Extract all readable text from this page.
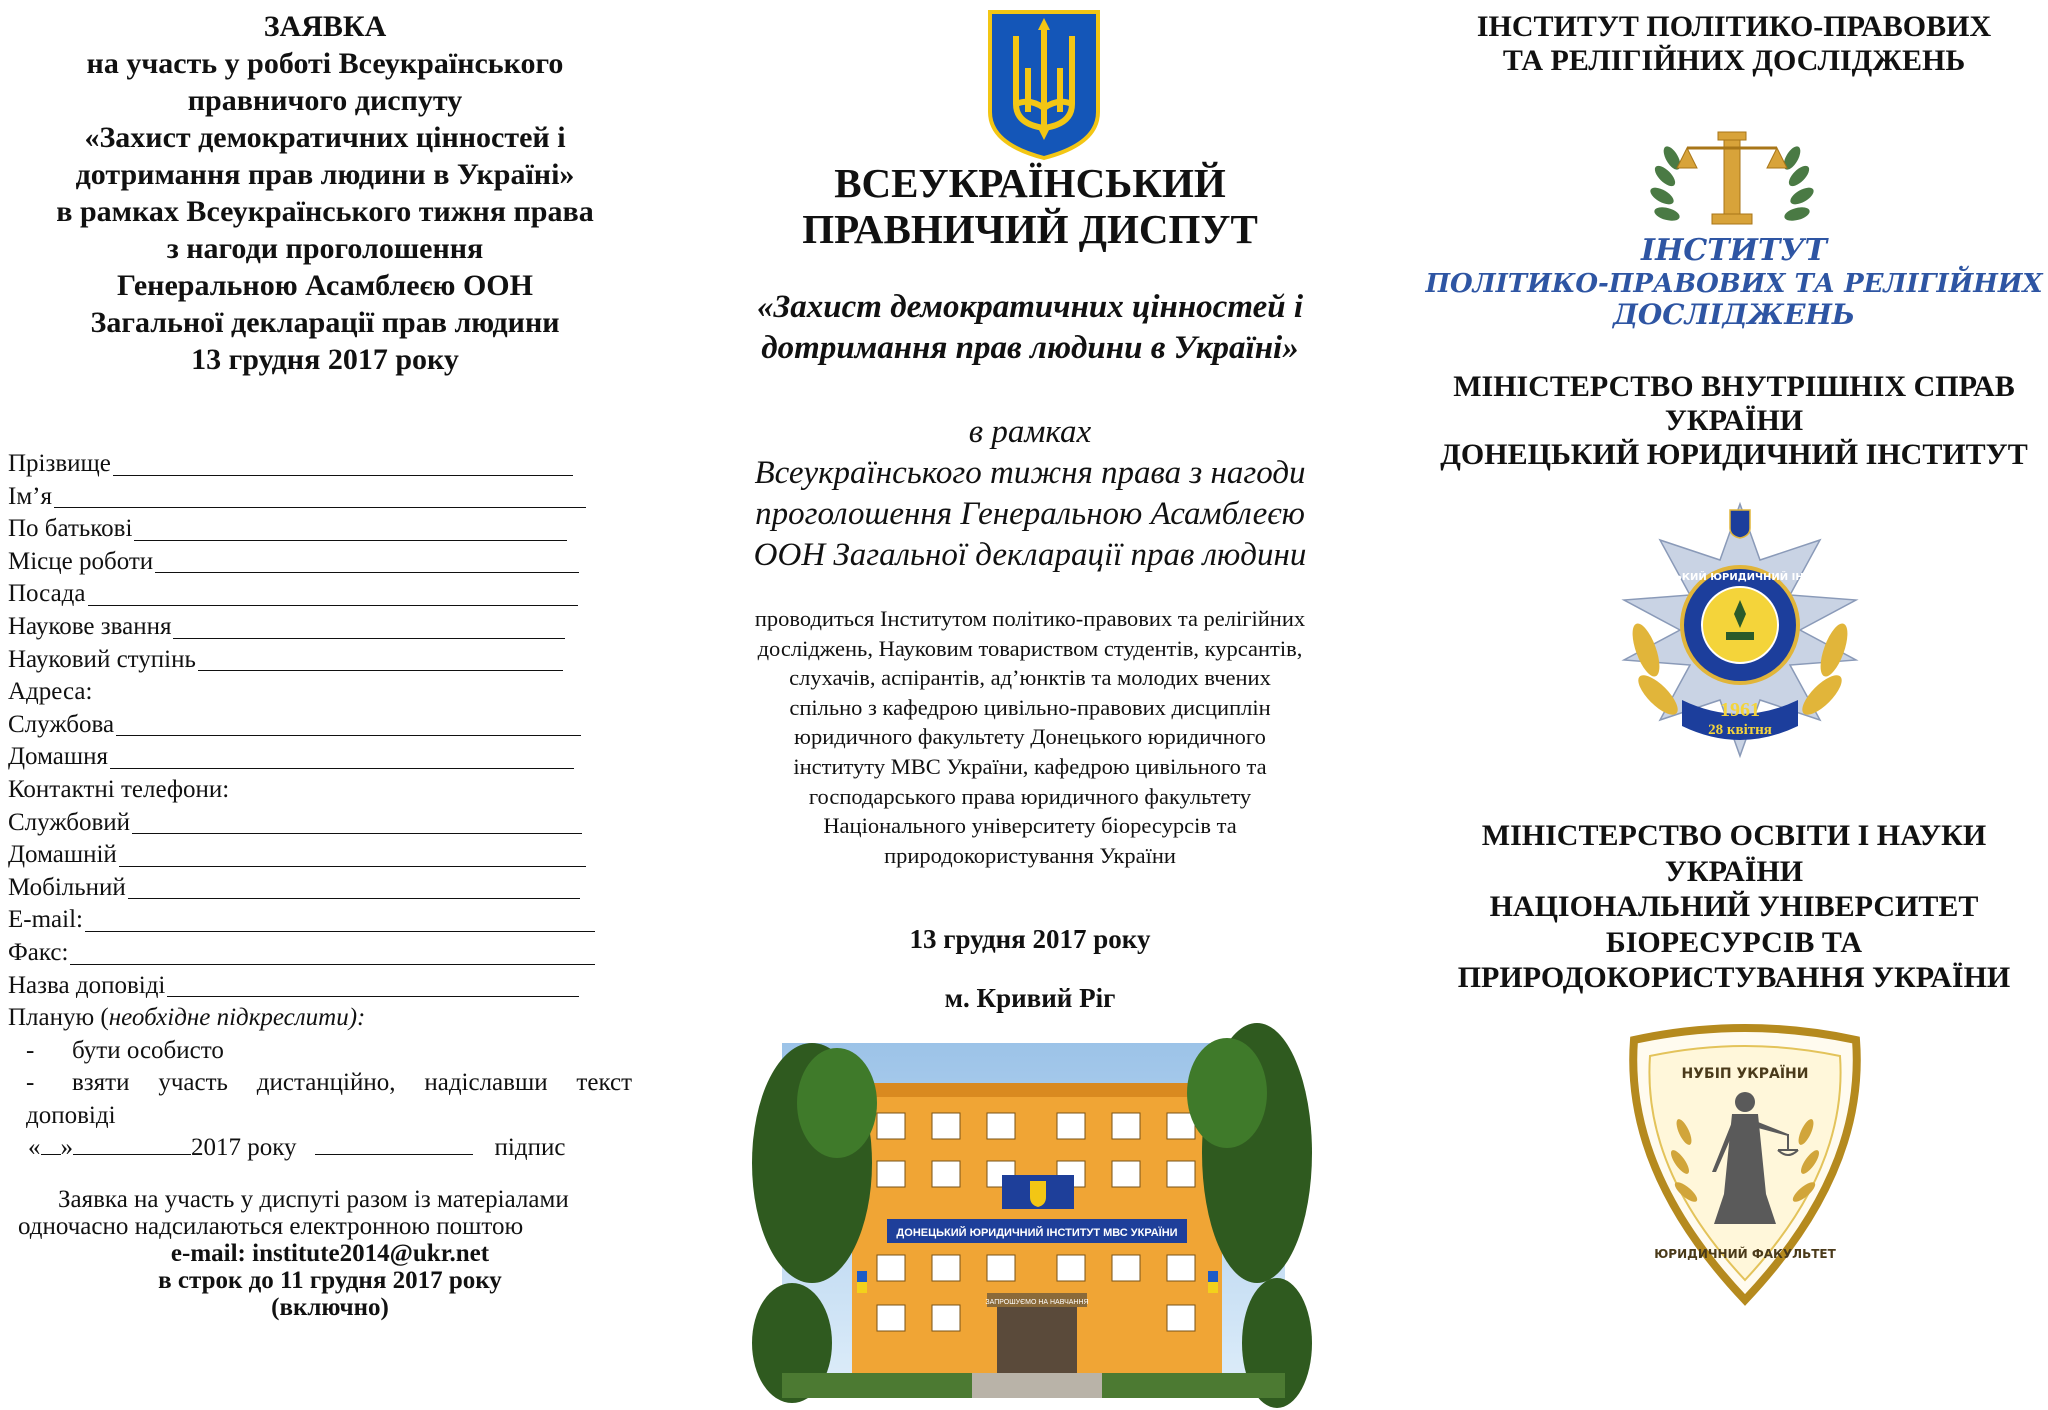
ЗАЯВКА
на участь у роботі Всеукраїнського
правничого диспуту
«Захист демократичних цінностей і
дотримання прав людини в Україні»
в рамках Всеукраїнського тижня права
з нагоди проголошення
Генеральною Асамблеєю ООН
Загальної декларації прав людини
13 грудня 2017 року
Прізвище
Ім’я
По батькові
Місце роботи
Посада
Наукове звання
Науковий ступінь
Адреса:
Службова
Домашня
Контактні телефони:
Службовий
Домашній
Мобільний
E-mail:
Факс:
Назва доповіді
Планую ( необхідне підкреслити):
-	бути особисто
-	взяти участь дистанційно, надіславши текст
доповіді
« »	2017 року	підпис
Заявка на участь у диспуті разом із матеріалами
одночасно надсилаються електронною поштою
e-mail: institute2014@ukr.net
в строк до 11 грудня 2017 року
(включно)
ВСЕУКРАЇНСЬКИЙ
ПРАВНИЧИЙ ДИСПУТ
«Захист демократичних цінностей і
дотримання прав людини в Україні»
в рамках
Всеукраїнського тижня права з нагоди
проголошення Генеральною Асамблеєю
ООН Загальної декларації прав людини
проводиться Інститутом політико-правових та релігійних
досліджень, Науковим товариством студентів, курсантів,
слухачів, аспірантів, ад’юнктів та молодих вчених
спільно з кафедрою цивільно-правових дисциплін
юридичного факультету Донецького юридичного
інституту МВС України, кафедрою цивільного та
господарського права юридичного факультету
Національного університету біоресурсів та
природокористування України
13 грудня 2017 року
м. Кривий Ріг
ДОНЕЦЬКИЙ ЮРИДИЧНИЙ ІНСТИТУТ МВС УКРАЇНИ
ЗАПРОШУЄМО НА НАВЧАННЯ
ІНСТИТУТ ПОЛІТИКО-ПРАВОВИХ
ТА РЕЛІГІЙНИХ ДОСЛІДЖЕНЬ
ІНСТИТУТ
ПОЛІТИКО-ПРАВОВИХ ТА РЕЛІГІЙНИХ
ДОСЛІДЖЕНЬ
МІНІСТЕРСТВО ВНУТРІШНІХ СПРАВ
УКРАЇНИ
ДОНЕЦЬКИЙ ЮРИДИЧНИЙ ІНСТИТУТ
ДОНЕЦЬКИЙ ЮРИДИЧНИЙ ІНСТИТУТ
1961
28 квітня
МІНІСТЕРСТВО ОСВІТИ І НАУКИ
УКРАЇНИ
НАЦІОНАЛЬНИЙ УНІВЕРСИТЕТ
БІОРЕСУРСІВ ТА
ПРИРОДОКОРИСТУВАННЯ УКРАЇНИ
НУБІП УКРАЇНИ
ЮРИДИЧНИЙ ФАКУЛЬТЕТ
